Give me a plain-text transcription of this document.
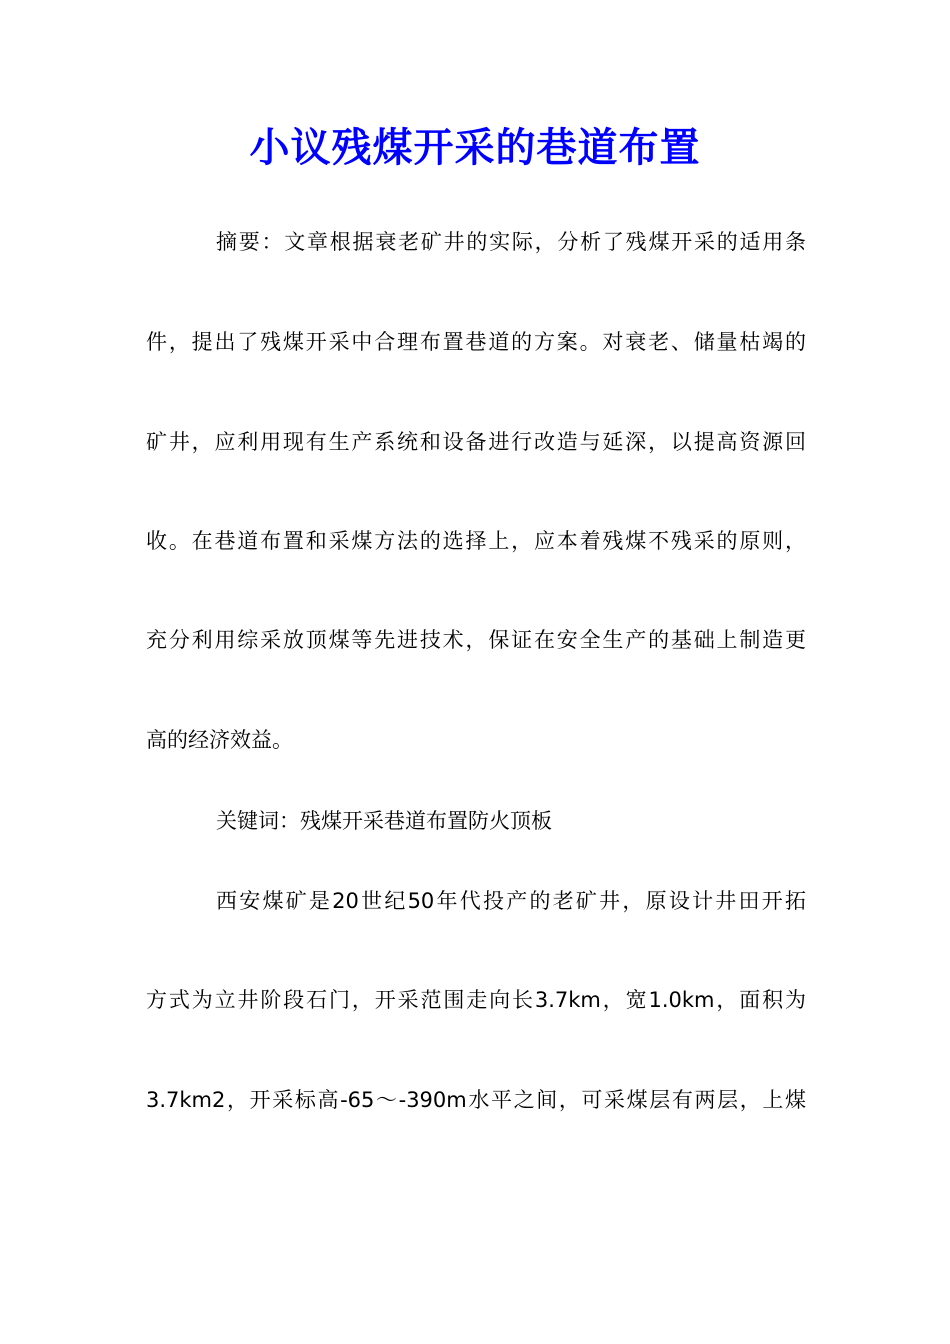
小议残煤开采的巷道布置
摘要：文章根据衰老矿井的实际，分析了残煤开采的适用条
件，提出了残煤开采中合理布置巷道的方案。对衰老、储量枯竭的
矿井，应利用现有生产系统和设备进行改造与延深，以提高资源回
收。在巷道布置和采煤方法的选择上，应本着残煤不残采的原则，
充分利用综采放顶煤等先进技术，保证在安全生产的基础上制造更
高的经济效益。
关键词：残煤开采巷道布置防火顶板
西安煤矿是20世纪50年代投产的老矿井，原设计井田开拓
方式为立井阶段石门，开采范围走向长3.7km，宽1.0km，面积为
3.7km2，开采标高-65～-390m水平之间，可采煤层有两层，上煤
